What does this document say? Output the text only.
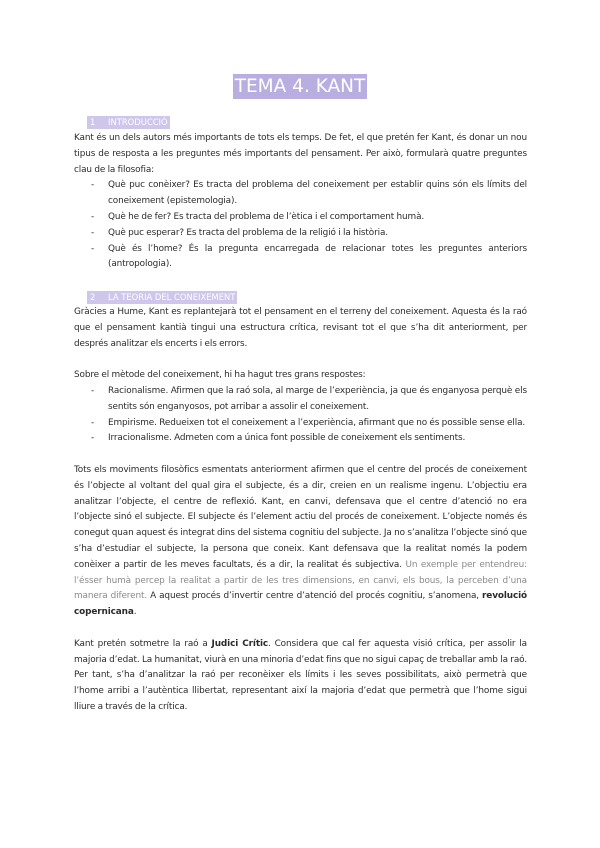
TEMA 4. KANT
1 INTRODUCCIÓ

Kant és un dels autors més importants de tots els temps. De fet, el que pretén fer Kant, és donar un nou tipus de resposta a les preguntes més importants del pensament. Per això, formularà quatre preguntes clau de la filosofia:

- Què puc conèixer? Es tracta del problema del coneixement per establir quins són els límits del coneixement (epistemologia).
- Què he de fer? Es tracta del problema de l’ètica i el comportament humà.
- Què puc esperar? Es tracta del problema de la religió i la història.
- Què és l’home? És la pregunta encarregada de relacionar totes les preguntes anteriors (antropologia).
2 LA TEORIA DEL CONEIXEMENT

Gràcies a Hume, Kant es replantejarà tot el pensament en el terreny del coneixement. Aquesta és la raó que el pensament kantià tingui una estructura crítica, revisant tot el que s’ha dit anteriorment, per després analitzar els encerts i els errors.

Sobre el mètode del coneixement, hi ha hagut tres grans respostes:

- Racionalisme. Afirmen que la raó sola, al marge de l’experiència, ja que és enganyosa perquè els sentits són enganyosos, pot arribar a assolir el coneixement.
- Empirisme. Redueixen tot el coneixement a l’experiència, afirmant que no és possible sense ella.
- Irracionalisme. Admeten com a única font possible de coneixement els sentiments.

Tots els moviments filosòfics esmentats anteriorment afirmen que el centre del procés de coneixement és l’objecte al voltant del qual gira el subjecte, és a dir, creien en un realisme ingenu. L’objectiu era analitzar l’objecte, el centre de reflexió. Kant, en canvi, defensava que el centre d’atenció no era l’objecte sinó el subjecte. El subjecte és l’element actiu del procés de coneixement. L’objecte només és conegut quan aquest és integrat dins del sistema cognitiu del subjecte. Ja no s’analitza l’objecte sinó que s’ha d’estudiar el subjecte, la persona que coneix. Kant defensava que la realitat només la podem conèixer a partir de les meves facultats, és a dir, la realitat és subjectiva. Un exemple per entendreu: l’ésser humà percep la realitat a partir de les tres dimensions, en canvi, els bous, la perceben d’una manera diferent. A aquest procés d’invertir centre d’atenció del procés cognitiu, s’anomena, revolució copernicana.

Kant pretén sotmetre la raó a Judici Crític. Considera que cal fer aquesta visió crítica, per assolir la majoria d’edat. La humanitat, viurà en una minoria d’edat fins que no sigui capaç de treballar amb la raó. Per tant, s’ha d’analitzar la raó per reconèixer els límits i les seves possibilitats, això permetrà que l’home arribi a l’autèntica llibertat, representant així la majoria d’edat que permetrà que l’home sigui lliure a través de la crítica.
